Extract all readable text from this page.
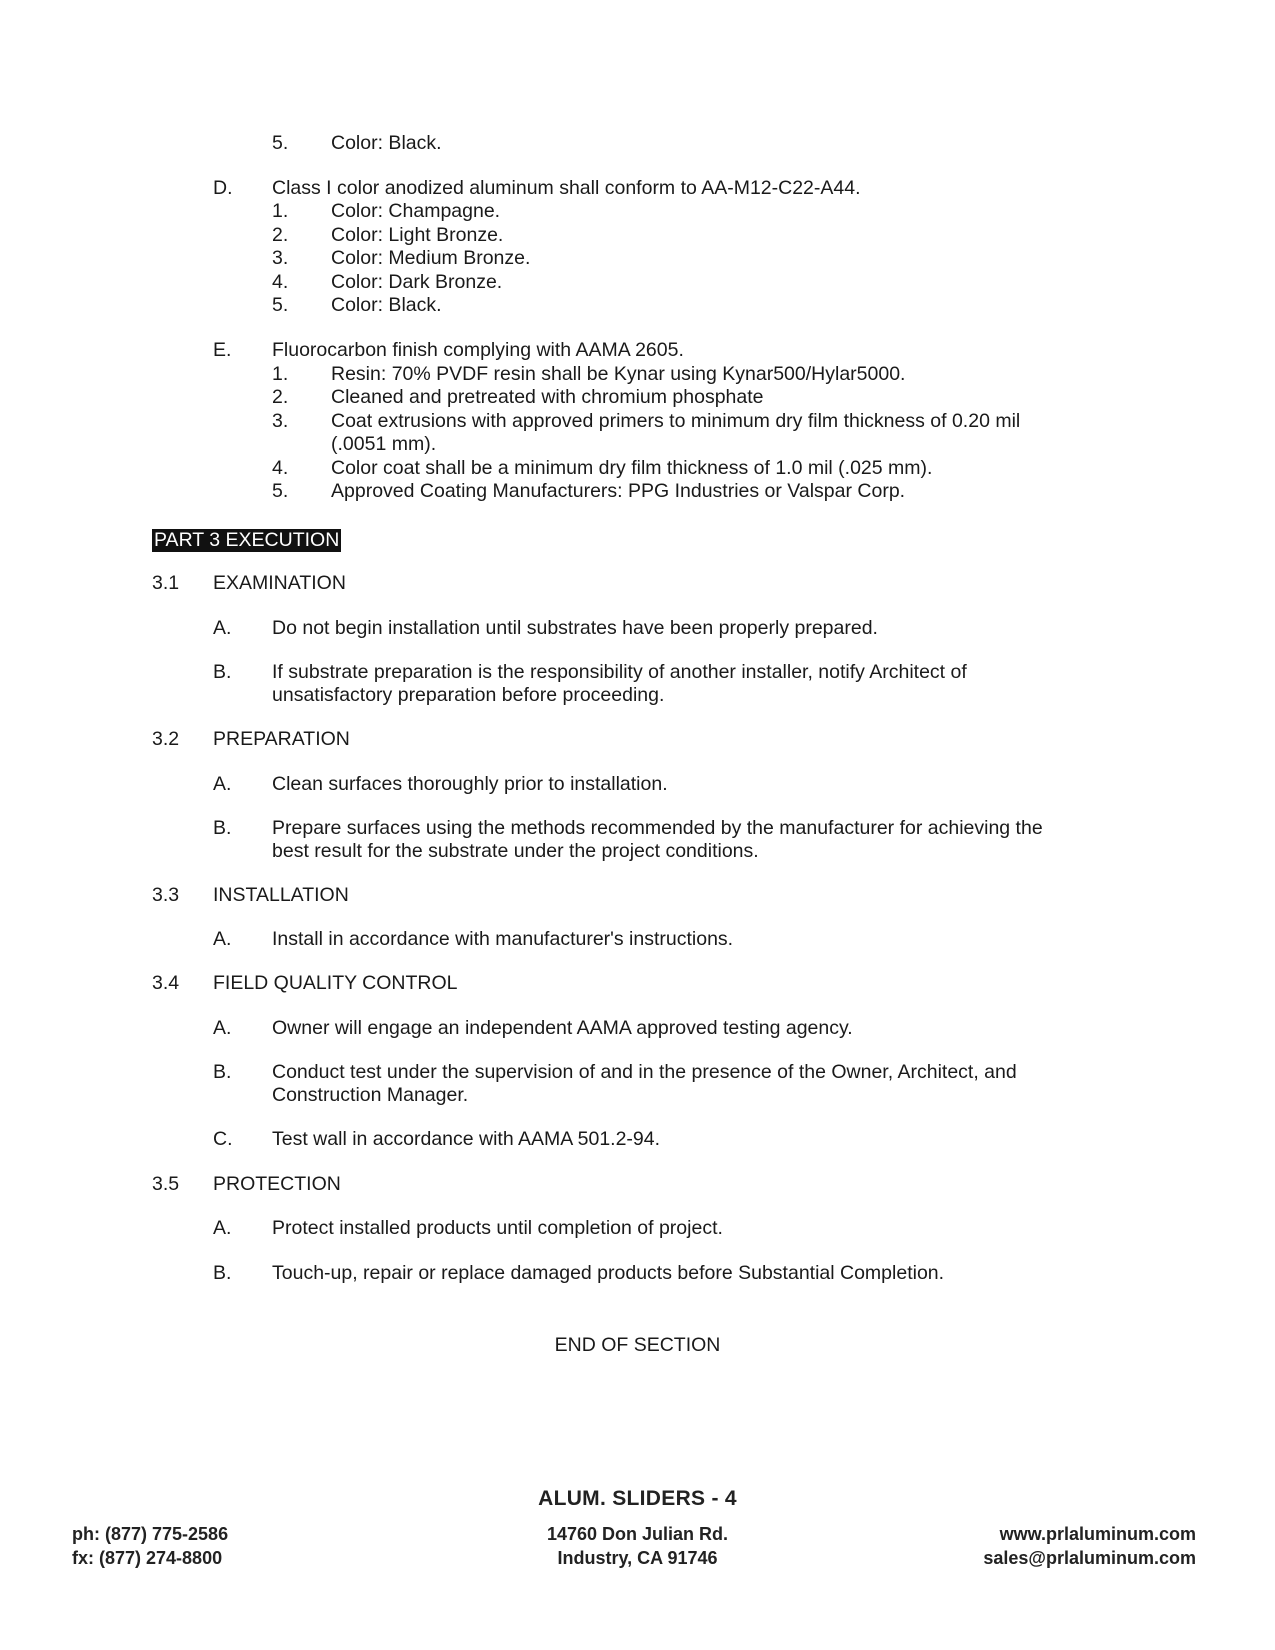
5. Color: Black.
D. Class I color anodized aluminum shall conform to AA-M12-C22-A44.
1. Color: Champagne.
2. Color: Light Bronze.
3. Color: Medium Bronze.
4. Color: Dark Bronze.
5. Color: Black.
E. Fluorocarbon finish complying with AAMA 2605.
1. Resin: 70% PVDF resin shall be Kynar using Kynar500/Hylar5000.
2. Cleaned and pretreated with chromium phosphate
3. Coat extrusions with approved primers to minimum dry film thickness of 0.20 mil
(.0051 mm).
4. Color coat shall be a minimum dry film thickness of 1.0 mil (.025 mm).
5. Approved Coating Manufacturers: PPG Industries or Valspar Corp.
PART 3 EXECUTION
3.1 EXAMINATION
A. Do not begin installation until substrates have been properly prepared.
B. If substrate preparation is the responsibility of another installer, notify Architect of
unsatisfactory preparation before proceeding.
3.2 PREPARATION
A. Clean surfaces thoroughly prior to installation.
B. Prepare surfaces using the methods recommended by the manufacturer for achieving the
best result for the substrate under the project conditions.
3.3 INSTALLATION
A. Install in accordance with manufacturer's instructions.
3.4 FIELD QUALITY CONTROL
A. Owner will engage an independent AAMA approved testing agency.
B. Conduct test under the supervision of and in the presence of the Owner, Architect, and
Construction Manager.
C. Test wall in accordance with AAMA 501.2-94.
3.5 PROTECTION
A. Protect installed products until completion of project.
B. Touch-up, repair or replace damaged products before Substantial Completion.
END OF SECTION
ALUM. SLIDERS - 4
ph: (877) 775-2586
fx: (877) 274-8800
14760 Don Julian Rd.
Industry, CA 91746
www.prlaluminum.com
sales@prlaluminum.com
